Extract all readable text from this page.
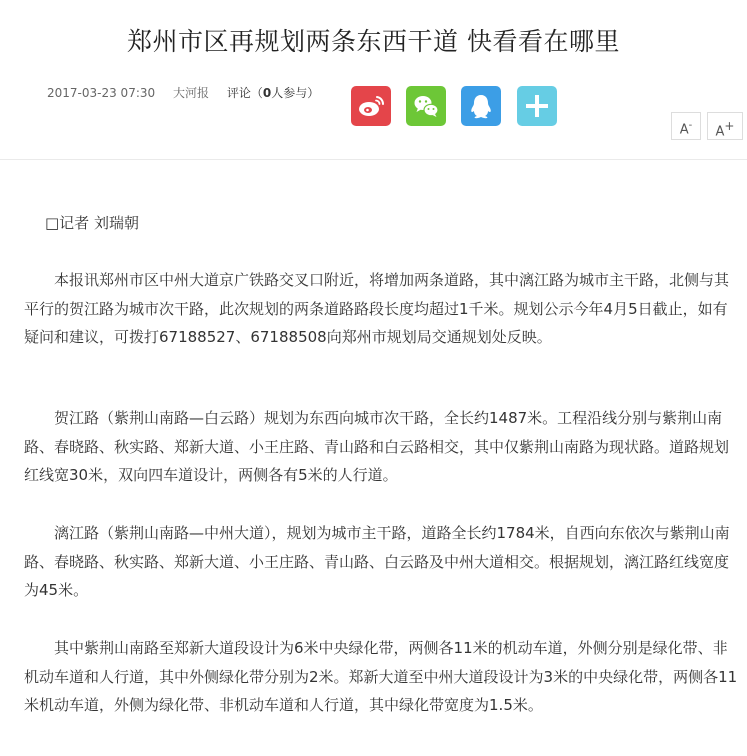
郑州市区再规划两条东西干道 快看看在哪里
2017-03-23 07:30 大河报 评论（0人参与）
A-	A+
□记者 刘瑞朝
本报讯郑州市区中州大道京广铁路交叉口附近，将增加两条道路，其中漓江路为城市主干路，北侧与其平行的贺江路为城市次干路，此次规划的两条道路路段长度均超过1千米。规划公示今年4月5日截止，如有疑问和建议，可拨打67188527、67188508向郑州市规划局交通规划处反映。
贺江路（紫荆山南路—白云路）规划为东西向城市次干路，全长约1487米。工程沿线分别与紫荆山南路、春晓路、秋实路、郑新大道、小王庄路、青山路和白云路相交，其中仅紫荆山南路为现状路。道路规划红线宽30米，双向四车道设计，两侧各有5米的人行道。
漓江路（紫荆山南路—中州大道），规划为城市主干路，道路全长约1784米，自西向东依次与紫荆山南路、春晓路、秋实路、郑新大道、小王庄路、青山路、白云路及中州大道相交。根据规划，漓江路红线宽度为45米。
其中紫荆山南路至郑新大道段设计为6米中央绿化带，两侧各11米的机动车道，外侧分别是绿化带、非机动车道和人行道，其中外侧绿化带分别为2米。郑新大道至中州大道段设计为3米的中央绿化带，两侧各11米机动车道，外侧为绿化带、非机动车道和人行道，其中绿化带宽度为1.5米。
